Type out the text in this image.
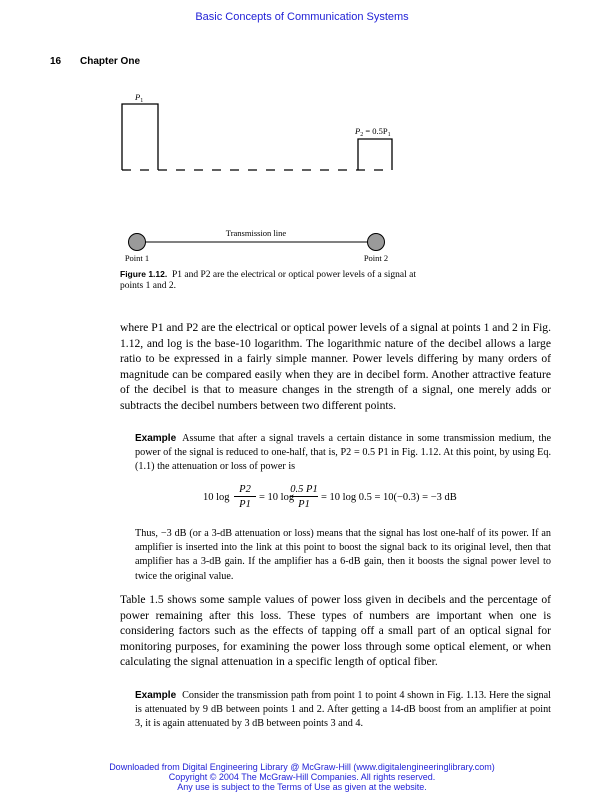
Basic Concepts of Communication Systems
16 Chapter One
$P_1$
$P_2 = 0.5P_1$
Transmission line
Point 1	Point 2
Figure 1.12. P1 and P2 are the electrical or optical power levels of a signal at points 1 and 2.
where P1 and P2 are the electrical or optical power levels of a signal at points 1 and 2 in Fig. 1.12, and log is the base-10 logarithm. The logarithmic nature of the decibel allows a large ratio to be expressed in a fairly simple manner. Power levels differing by many orders of magnitude can be compared easily when they are in decibel form. Another attractive feature of the decibel is that to measure changes in the strength of a signal, one merely adds or subtracts the decibel numbers between two different points.
Example Assume that after a signal travels a certain distance in some transmission medium, the power of the signal is reduced to one-half, that is, P2 = 0.5 P1 in Fig. 1.12. At this point, by using Eq. (1.1) the attenuation or loss of power is
10 log
P2
P1
= 10 log
0.5 P1
P1
= 10 log 0.5 = 10(−0.3) = −3 dB
Thus, −3 dB (or a 3-dB attenuation or loss) means that the signal has lost one-half of its power. If an amplifier is inserted into the link at this point to boost the signal back to its original level, then that amplifier has a 3-dB gain. If the amplifier has a 6-dB gain, then it boosts the signal power level to twice the original value.
Table 1.5 shows some sample values of power loss given in decibels and the percentage of power remaining after this loss. These types of numbers are important when one is considering factors such as the effects of tapping off a small part of an optical signal for monitoring purposes, for examining the power loss through some optical element, or when calculating the signal attenuation in a specific length of optical fiber.
Example Consider the transmission path from point 1 to point 4 shown in Fig. 1.13. Here the signal is attenuated by 9 dB between points 1 and 2. After getting a 14-dB boost from an amplifier at point 3, it is again attenuated by 3 dB between points 3 and 4.
Downloaded from Digital Engineering Library @ McGraw-Hill (www.digitalengineeringlibrary.com)
Copyright © 2004 The McGraw-Hill Companies. All rights reserved.
Any use is subject to the Terms of Use as given at the website.
